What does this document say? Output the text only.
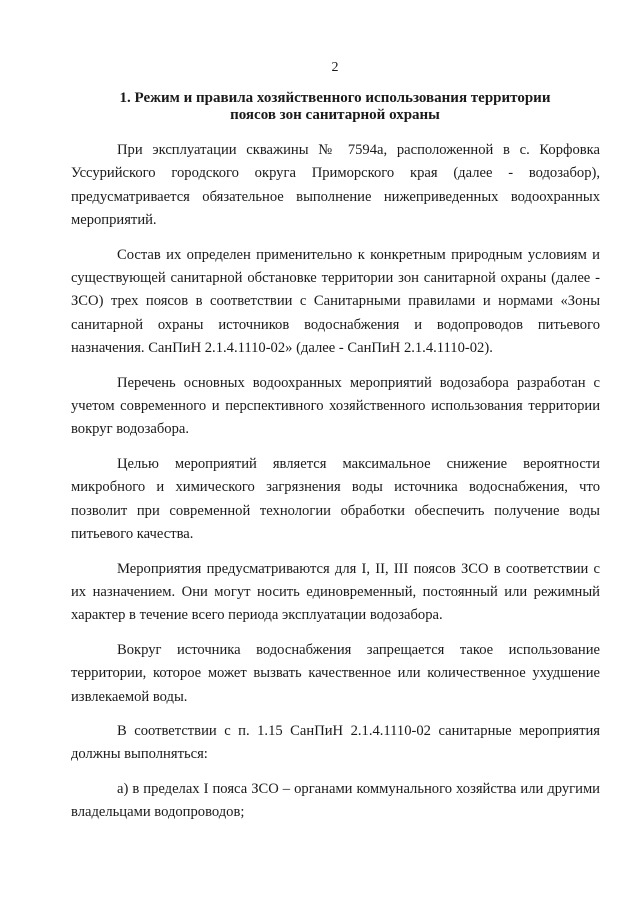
2
1. Режим и правила хозяйственного использования территории
поясов зон санитарной охраны

При эксплуатации скважины № 7594а, расположенной в с. Корфовка Уссурийского городского округа Приморского края (далее - водозабор), предусматривается обязательное выполнение нижеприведенных водоохранных мероприятий.

Состав их определен применительно к конкретным природным условиям и существующей санитарной обстановке территории зон санитарной охраны (далее - ЗСО) трех поясов в соответствии с Санитарными правилами и нормами «Зоны санитарной охраны источников водоснабжения и водопроводов питьевого назначения. СанПиН 2.1.4.1110-02» (далее - СанПиН 2.1.4.1110-02).

Перечень основных водоохранных мероприятий водозабора разработан с учетом современного и перспективного хозяйственного использования территории вокруг водозабора.

Целью мероприятий является максимальное снижение вероятности микробного и химического загрязнения воды источника водоснабжения, что позволит при современной технологии обработки обеспечить получение воды питьевого качества.

Мероприятия предусматриваются для I, II, III поясов ЗСО в соответствии с их назначением. Они могут носить единовременный, постоянный или режимный характер в течение всего периода эксплуатации водозабора.

Вокруг источника водоснабжения запрещается такое использование территории, которое может вызвать качественное или количественное ухудшение извлекаемой воды.

В соответствии с п. 1.15 СанПиН 2.1.4.1110-02 санитарные мероприятия должны выполняться:

а) в пределах I пояса ЗСО – органами коммунального хозяйства или другими владельцами водопроводов;
